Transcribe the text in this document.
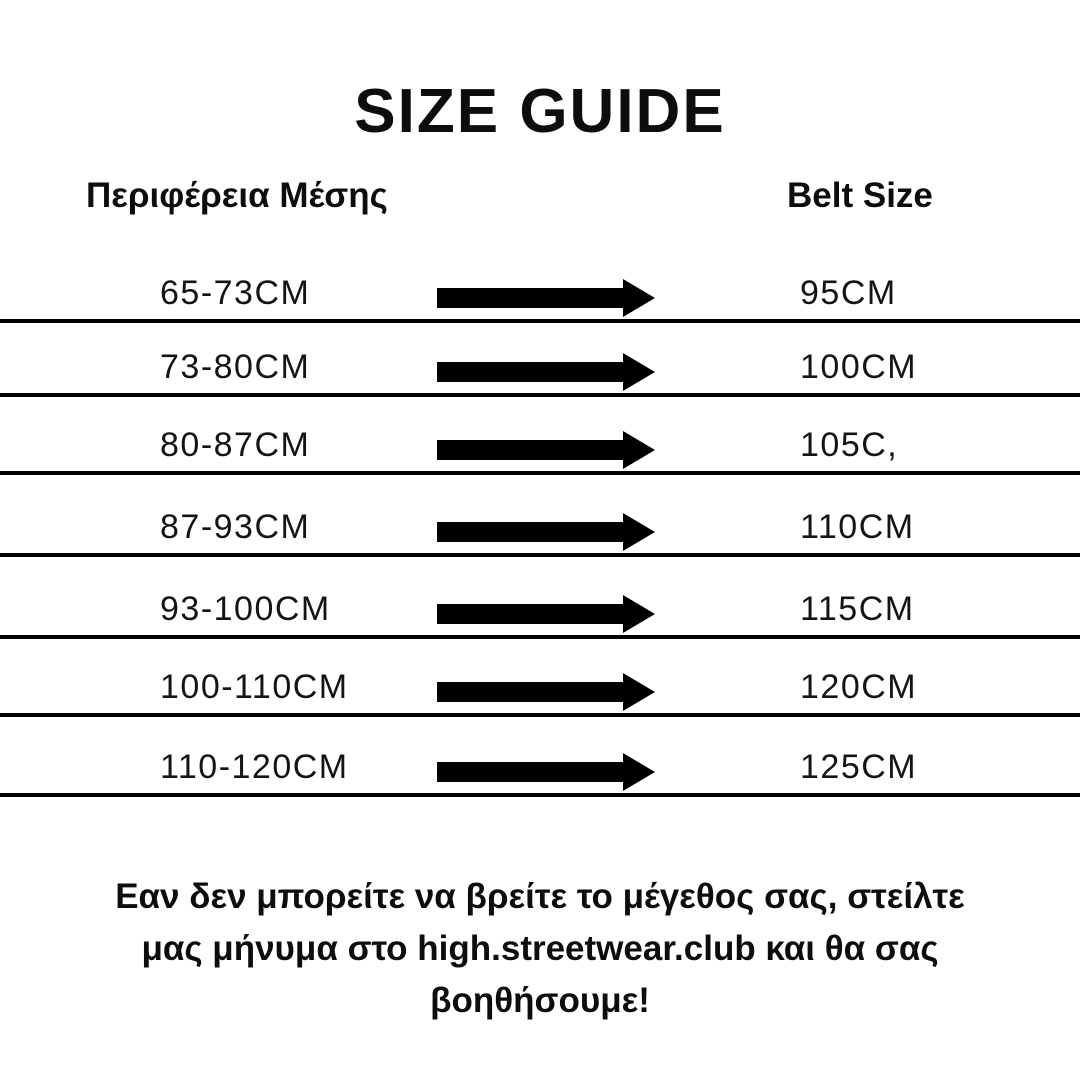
SIZE GUIDE
Περιφέρεια Μέσης	Belt Size
65-73CM	95CM
73-80CM	100CM
80-87CM	105C,
87-93CM	110CM
93-100CM	115CM
100-110CM	120CM
110-120CM	125CM
Εαν δεν μπορείτε να βρείτε το μέγεθος σας, στείλτε
μας μήνυμα στο high.streetwear.club και θα σας
βοηθήσουμε!
